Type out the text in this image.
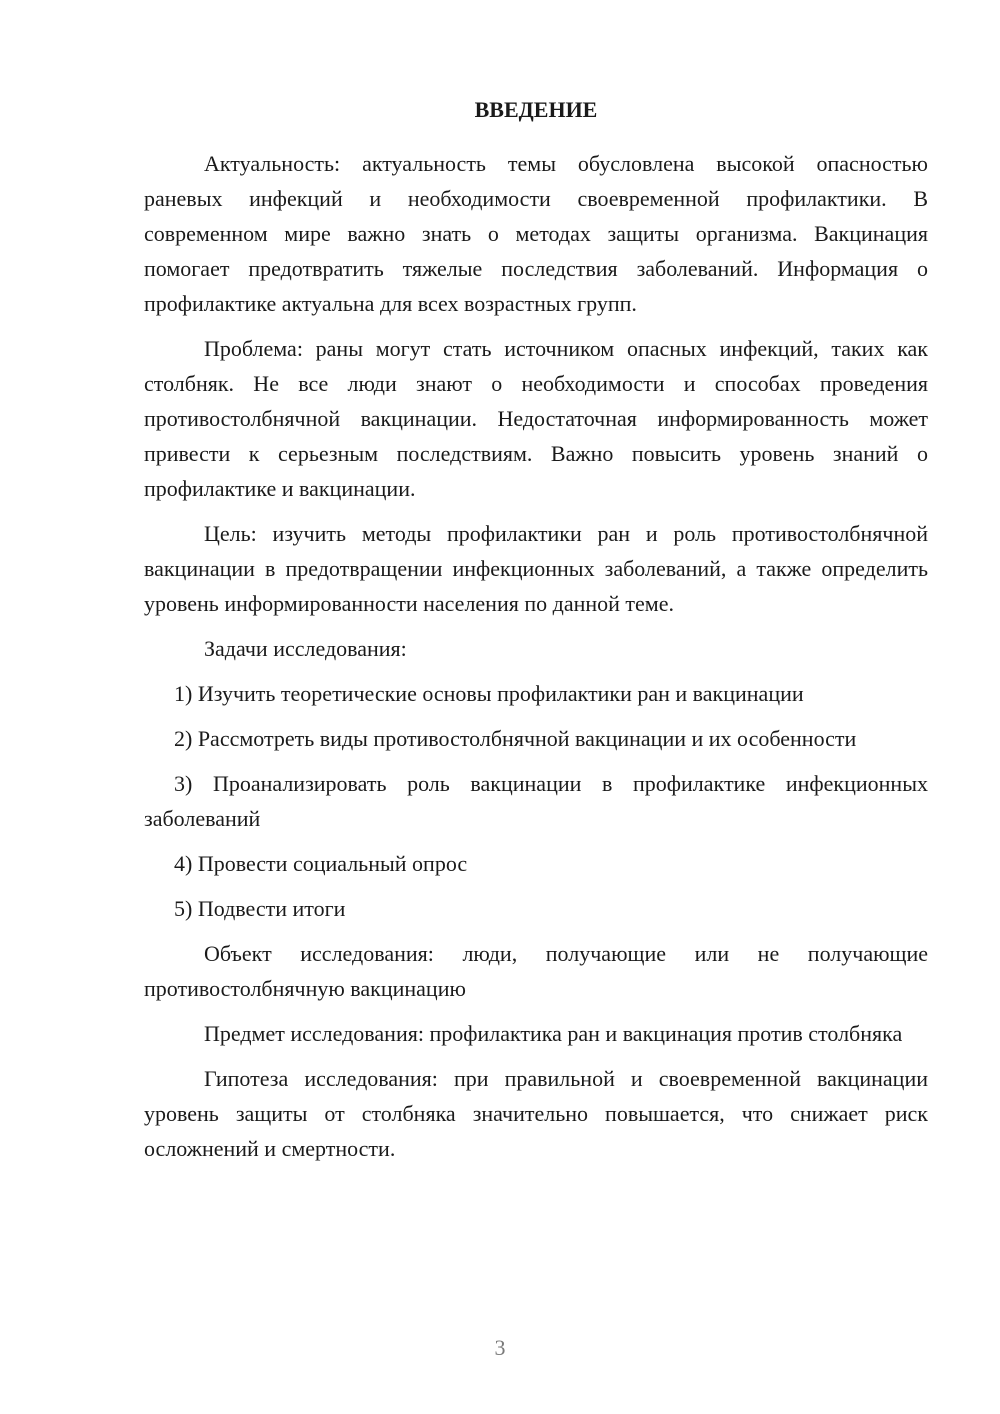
ВВЕДЕНИЕ

Актуальность: актуальность темы обусловлена высокой опасностью раневых инфекций и необходимости своевременной профилактики. В современном мире важно знать о методах защиты организма. Вакцинация помогает предотвратить тяжелые последствия заболеваний. Информация о профилактике актуальна для всех возрастных групп.

Проблема: раны могут стать источником опасных инфекций, таких как столбняк. Не все люди знают о необходимости и способах проведения противостолбнячной вакцинации. Недостаточная информированность может привести к серьезным последствиям. Важно повысить уровень знаний о профилактике и вакцинации.

Цель: изучить методы профилактики ран и роль противостолбнячной вакцинации в предотвращении инфекционных заболеваний, а также определить уровень информированности населения по данной теме.

Задачи исследования:

1) Изучить теоретические основы профилактики ран и вакцинации

2) Рассмотреть виды противостолбнячной вакцинации и их особенности

3) Проанализировать роль вакцинации в профилактике инфекционных заболеваний

4) Провести социальный опрос

5) Подвести итоги

Объект исследования: люди, получающие или не получающие противостолбнячную вакцинацию

Предмет исследования: профилактика ран и вакцинация против столбняка

Гипотеза исследования: при правильной и своевременной вакцинации уровень защиты от столбняка значительно повышается, что снижает риск осложнений и смертности.

3
